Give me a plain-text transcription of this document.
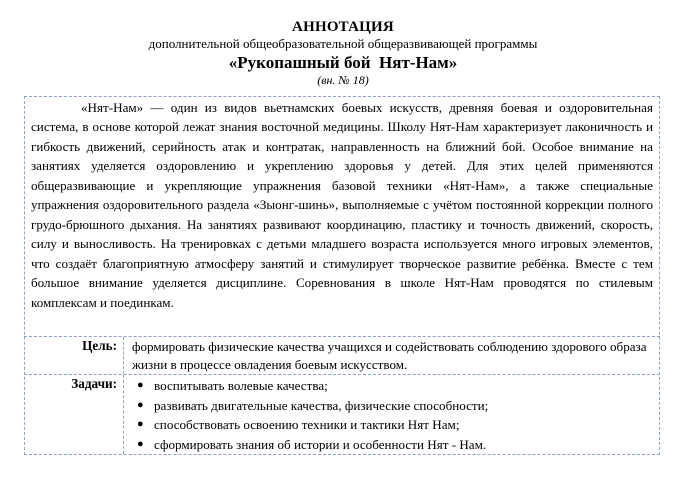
АННОТАЦИЯ
дополнительной общеобразовательной общеразвивающей программы
«Рукопашный бой  Нят-Нам»
(вн. № 18)

«Нят-Нам» — один из видов вьетнамских боевых искусств, древняя боевая и оздоровительная система, в основе которой лежат знания восточной медицины. Школу Нят-Нам характеризует лаконичность и гибкость движений, серийность атак и контратак, направленность на ближний бой. Особое внимание на занятиях уделяется оздоровлению и укреплению здоровья у детей. Для этих целей применяются общеразвивающие и укрепляющие упражнения базовой техники «Нят-Нам», а также специальные упражнения оздоровительного раздела «Зыонг-шинь», выполняемые с учётом постоянной коррекции полного грудо-брюшного дыхания. На занятиях развивают координацию, пластику и точность движений, скорость, силу и выносливость. На тренировках с детьми младшего возраста используется много игровых элементов, что создаёт благоприятную атмосферу занятий и стимулирует творческое развитие ребёнка. Вместе с тем большое внимание уделяется дисциплине. Соревнования в школе Нят-Нам проводятся по стилевым комплексам и поединкам.

Цель:	формировать физические качества учащихся и содействовать соблюдению здорового образа жизни в процессе овладения боевым искусством.

Задачи:	● воспитывать волевые качества;
● развивать двигательные качества, физические способности;
● способствовать освоению техники и тактики Нят Нам;
● сформировать знания об истории и особенности Нят - Нам.
